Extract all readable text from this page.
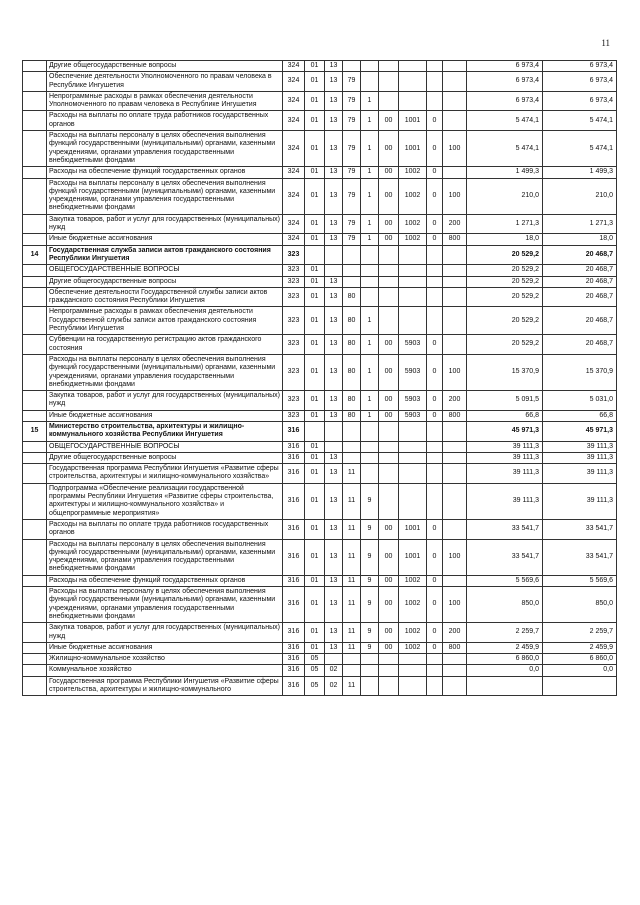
11
	Другие общегосударственные вопросы	324	01	13							6 973,4	6 973,4
	Обеспечение деятельности Уполномоченного по правам человека в Республике Ингушетия	324	01	13	79						6 973,4	6 973,4
	Непрограммные расходы в рамках обеспечения деятельности Уполномоченного по правам человека в Республике Ингушетия	324	01	13	79	1					6 973,4	6 973,4
	Расходы на выплаты по оплате труда работников государственных органов	324	01	13	79	1	00	1001	0		5 474,1	5 474,1
	Расходы на выплаты персоналу в целях обеспечения выполнения функций государственными (муниципальными) органами, казенными учреждениями, органами управления государственными внебюджетными фондами	324	01	13	79	1	00	1001	0	100	5 474,1	5 474,1
	Расходы на обеспечение функций государственных органов	324	01	13	79	1	00	1002	0		1 499,3	1 499,3
	Расходы на выплаты персоналу в целях обеспечения выполнения функций государственными (муниципальными) органами, казенными учреждениями, органами управления государственными внебюджетными фондами	324	01	13	79	1	00	1002	0	100	210,0	210,0
	Закупка товаров, работ и услуг для государственных (муниципальных) нужд	324	01	13	79	1	00	1002	0	200	1 271,3	1 271,3
	Иные бюджетные ассигнования	324	01	13	79	1	00	1002	0	800	18,0	18,0
14	Государственная служба записи актов гражданского состояния Республики Ингушетия	323									20 529,2	20 468,7
	ОБЩЕГОСУДАРСТВЕННЫЕ ВОПРОСЫ	323	01								20 529,2	20 468,7
	Другие общегосударственные вопросы	323	01	13							20 529,2	20 468,7
	Обеспечение деятельности Государственной службы записи актов гражданского состояния Республики Ингушетия	323	01	13	80						20 529,2	20 468,7
	Непрограммные расходы в рамках обеспечения деятельности Государственной службы записи актов гражданского состояния Республики Ингушетия	323	01	13	80	1					20 529,2	20 468,7
	Субвенции на государственную регистрацию актов гражданского состояния	323	01	13	80	1	00	5903	0		20 529,2	20 468,7
	Расходы на выплаты персоналу в целях обеспечения выполнения функций государственными (муниципальными) органами, казенными учреждениями, органами управления государственными внебюджетными фондами	323	01	13	80	1	00	5903	0	100	15 370,9	15 370,9
	Закупка товаров, работ и услуг для государственных (муниципальных) нужд	323	01	13	80	1	00	5903	0	200	5 091,5	5 031,0
	Иные бюджетные ассигнования	323	01	13	80	1	00	5903	0	800	66,8	66,8
15	Министерство строительства, архитектуры и жилищно-коммунального хозяйства Республики Ингушетия	316									45 971,3	45 971,3
	ОБЩЕГОСУДАРСТВЕННЫЕ ВОПРОСЫ	316	01								39 111,3	39 111,3
	Другие общегосударственные вопросы	316	01	13							39 111,3	39 111,3
	Государственная программа Республики Ингушетия «Развитие сферы строительства, архитектуры и жилищно-коммунального хозяйства»	316	01	13	11						39 111,3	39 111,3
	Подпрограмма «Обеспечение реализации государственной программы Республики Ингушетия «Развитие сферы строительства, архитектуры и жилищно-коммунального хозяйства» и общепрограммные мероприятия»	316	01	13	11	9					39 111,3	39 111,3
	Расходы на выплаты по оплате труда работников государственных органов	316	01	13	11	9	00	1001	0		33 541,7	33 541,7
	Расходы на выплаты персоналу в целях обеспечения выполнения функций государственными (муниципальными) органами, казенными учреждениями, органами управления государственными внебюджетными фондами	316	01	13	11	9	00	1001	0	100	33 541,7	33 541,7
	Расходы на обеспечение функций государственных органов	316	01	13	11	9	00	1002	0		5 569,6	5 569,6
	Расходы на выплаты персоналу в целях обеспечения выполнения функций государственными (муниципальными) органами, казенными учреждениями, органами управления государственными внебюджетными фондами	316	01	13	11	9	00	1002	0	100	850,0	850,0
	Закупка товаров, работ и услуг для государственных (муниципальных) нужд	316	01	13	11	9	00	1002	0	200	2 259,7	2 259,7
	Иные бюджетные ассигнования	316	01	13	11	9	00	1002	0	800	2 459,9	2 459,9
	Жилищно-коммунальное хозяйство	316	05								6 860,0	6 860,0
	Коммунальное хозяйство	316	05	02							0,0	0,0
	Государственная программа Республики Ингушетия «Развитие сферы строительства, архитектуры и жилищно-коммунального	316	05	02	11							
